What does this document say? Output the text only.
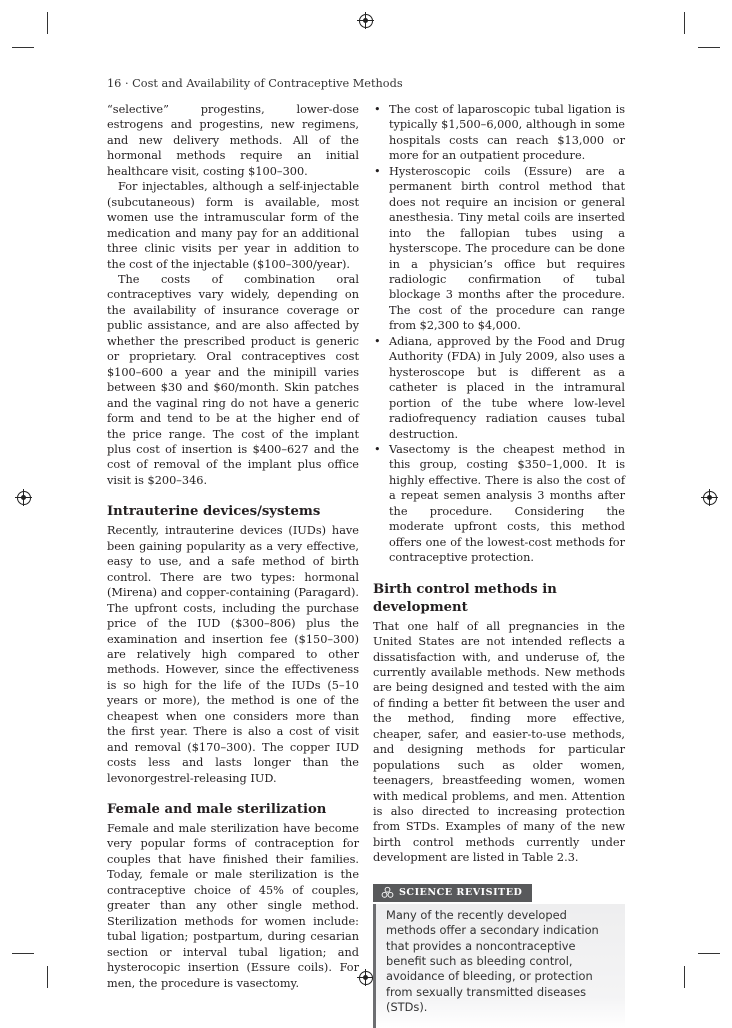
16 · Cost and Availability of Contraceptive Methods

“selective” progestins, lower-dose estrogens and progestins, new regimens, and new delivery methods. All of the hormonal methods require an initial healthcare visit, costing $100–300.

For injectables, although a self-injectable (subcutaneous) form is available, most women use the intramuscular form of the medication and many pay for an additional three clinic visits per year in addition to the cost of the injectable ($100–300/year).

The costs of combination oral contraceptives vary widely, depending on the availability of insurance coverage or public assistance, and are also affected by whether the prescribed product is generic or proprietary. Oral contraceptives cost $100–600 a year and the minipill varies between $30 and $60/month. Skin patches and the vaginal ring do not have a generic form and tend to be at the higher end of the price range. The cost of the implant plus cost of insertion is $400–627 and the cost of removal of the implant plus office visit is $200–346.

Intrauterine devices/systems

Recently, intrauterine devices (IUDs) have been gaining popularity as a very effective, easy to use, and a safe method of birth control. There are two types: hormonal (Mirena) and copper-containing (Paragard). The upfront costs, including the purchase price of the IUD ($300–806) plus the examination and insertion fee ($150–300) are relatively high compared to other methods. However, since the effectiveness is so high for the life of the IUDs (5–10 years or more), the method is one of the cheapest when one considers more than the first year. There is also a cost of visit and removal ($170–300). The copper IUD costs less and lasts longer than the levonorgestrel-releasing IUD.

Female and male sterilization

Female and male sterilization have become very popular forms of contraception for couples that have finished their families. Today, female or male sterilization is the contraceptive choice of 45% of couples, greater than any other single method. Sterilization methods for women include: tubal ligation; postpartum, during cesarian section or interval tubal ligation; and hysterocopic insertion (Essure coils). For men, the procedure is vasectomy.

• The cost of laparoscopic tubal ligation is typically $1,500–6,000, although in some hospitals costs can reach $13,000 or more for an outpatient procedure.
• Hysteroscopic coils (Essure) are a permanent birth control method that does not require an incision or general anesthesia. Tiny metal coils are inserted into the fallopian tubes using a hysterscope. The procedure can be done in a physician’s office but requires radiologic confirmation of tubal blockage 3 months after the procedure. The cost of the procedure can range from $2,300 to $4,000.
• Adiana, approved by the Food and Drug Authority (FDA) in July 2009, also uses a hysteroscope but is different as a catheter is placed in the intramural portion of the tube where low-level radiofrequency radiation causes tubal destruction.
• Vasectomy is the cheapest method in this group, costing $350–1,000. It is highly effective. There is also the cost of a repeat semen analysis 3 months after the procedure. Considering the moderate upfront costs, this method offers one of the lowest-cost methods for contraceptive protection.
Birth control methods in development

That one half of all pregnancies in the United States are not intended reflects a dissatisfaction with, and underuse of, the currently available methods. New methods are being designed and tested with the aim of finding a better fit between the user and the method, finding more effective, cheaper, safer, and easier-to-use methods, and designing methods for particular populations such as older women, teenagers, breastfeeding women, women with medical problems, and men. Attention is also directed to increasing protection from STDs. Examples of many of the new birth control methods currently under development are listed in Table 2.3.

SCIENCE REVISITED
Many of the recently developed methods offer a secondary indication that provides a noncontraceptive benefit such as bleeding control, avoidance of bleeding, or protection from sexually transmitted diseases (STDs).
